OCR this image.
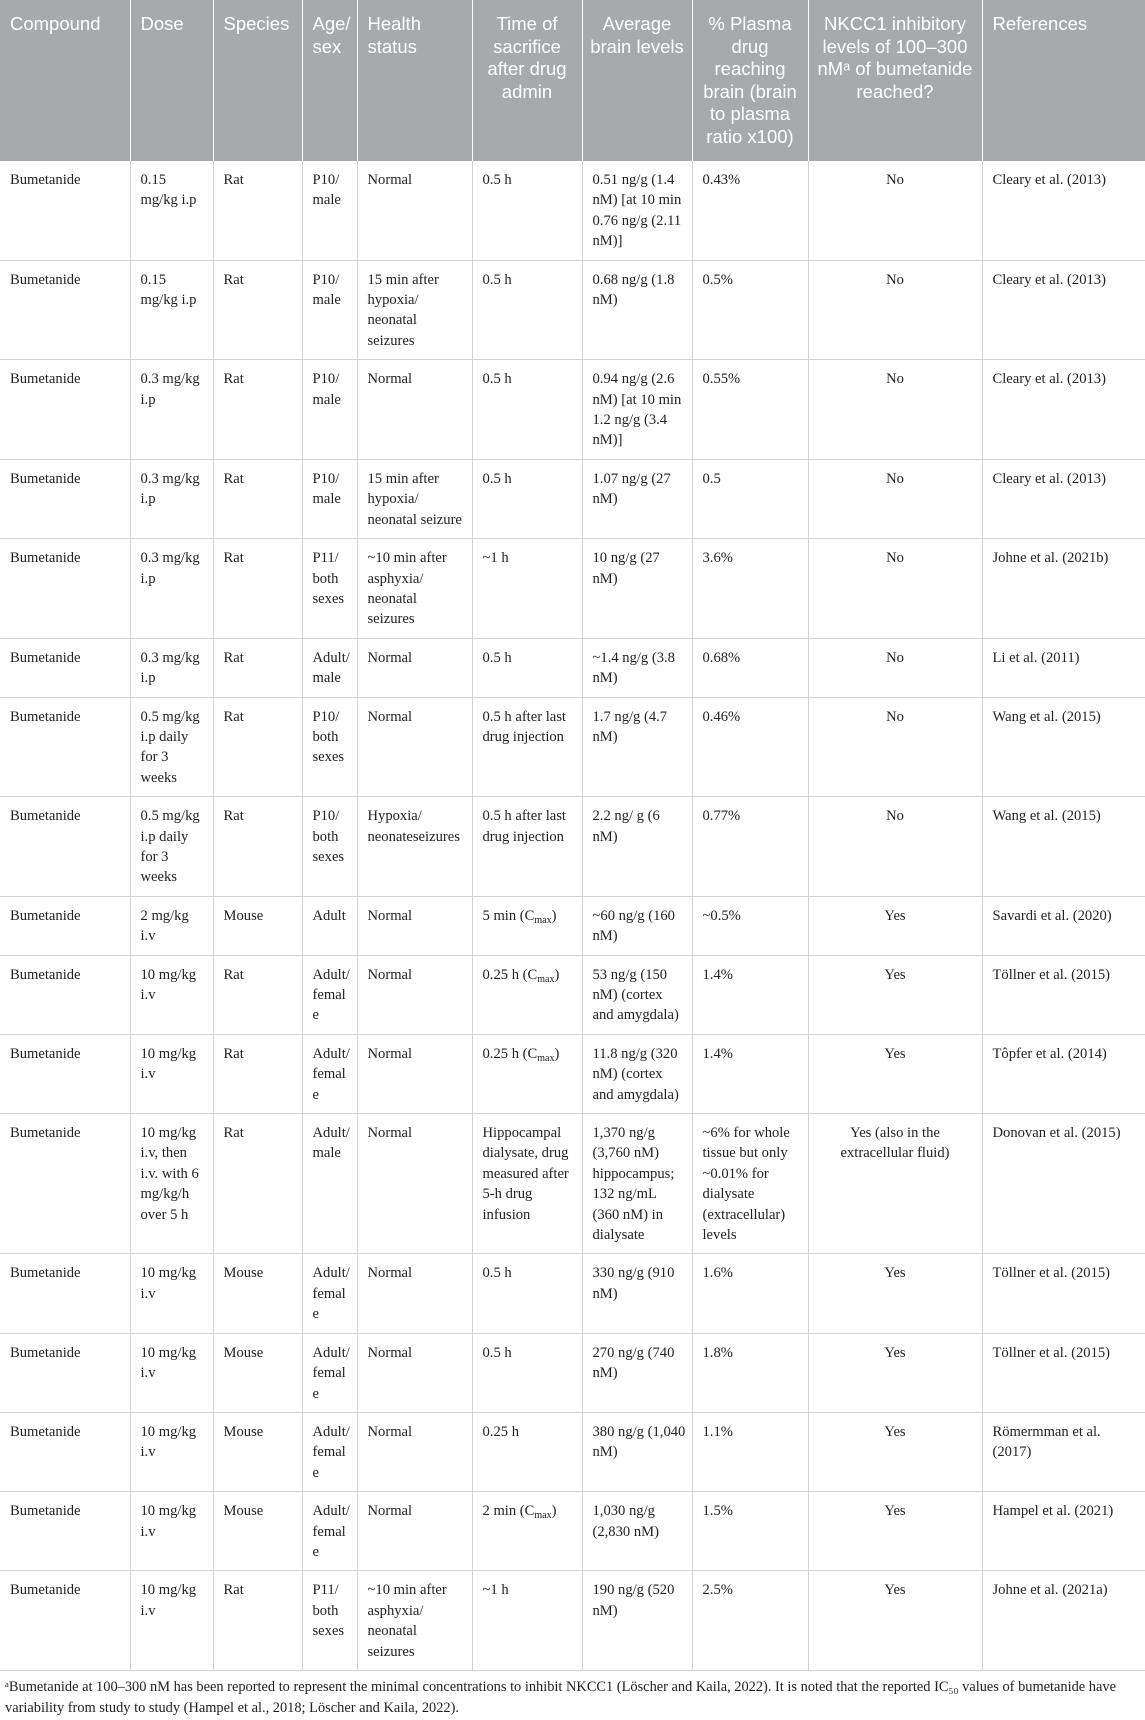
Compound	Dose	Species	Age/ sex	Health status	Time of sacrifice after drug admin	Average brain levels	% Plasma drug reaching brain (brain to plasma ratio x100)	NKCC1 inhibitory levels of 100–300 nMᵃ of bumetanide reached?	References
Bumetanide	0.15 mg/kg i.p	Rat	P10/ male	Normal	0.5 h	0.51 ng/g (1.4 nM) [at 10 min 0.76 ng/g (2.11 nM)]	0.43%	No	Cleary et al. (2013)
Bumetanide	0.15 mg/kg i.p	Rat	P10/ male	15 min after hypoxia/ neonatal seizures	0.5 h	0.68 ng/g (1.8 nM)	0.5%	No	Cleary et al. (2013)
Bumetanide	0.3 mg/kg i.p	Rat	P10/ male	Normal	0.5 h	0.94 ng/g (2.6 nM) [at 10 min 1.2 ng/g (3.4 nM)]	0.55%	No	Cleary et al. (2013)
Bumetanide	0.3 mg/kg i.p	Rat	P10/ male	15 min after hypoxia/ neonatal seizure	0.5 h	1.07 ng/g (27 nM)	0.5	No	Cleary et al. (2013)
Bumetanide	0.3 mg/kg i.p	Rat	P11/ both sexes	~10 min after asphyxia/ neonatal seizures	~1 h	10 ng/g (27 nM)	3.6%	No	Johne et al. (2021b)
Bumetanide	0.3 mg/kg i.p	Rat	Adult/ male	Normal	0.5 h	~1.4 ng/g (3.8 nM)	0.68%	No	Li et al. (2011)
Bumetanide	0.5 mg/kg i.p daily for 3 weeks	Rat	P10/ both sexes	Normal	0.5 h after last drug injection	1.7 ng/g (4.7 nM)	0.46%	No	Wang et al. (2015)
Bumetanide	0.5 mg/kg i.p daily for 3 weeks	Rat	P10/ both sexes	Hypoxia/ neonateseizures	0.5 h after last drug injection	2.2 ng/ g (6 nM)	0.77%	No	Wang et al. (2015)
Bumetanide	2 mg/kg i.v	Mouse	Adult	Normal	5 $\min (C_{max})$	~60 ng/g (160 nM)	~0.5%	Yes	Savardi et al. (2020)
Bumetanide	10 mg/kg i.v	Rat	Adult/ female	Normal	0.25 h $(C_{max})$	53 ng/g (150 nM) (cortex and amygdala)	1.4%	Yes	Töllner et al. (2015)
Bumetanide	10 mg/kg i.v	Rat	Adult/ female	Normal	0.25 h $(C_{max})$	11.8 ng/g (320 nM) (cortex and amygdala)	1.4%	Yes	Tôpfer et al. (2014)
Bumetanide	10 mg/kg i.v, then i.v. with 6 mg/kg/h over 5 h	Rat	Adult/ male	Normal	Hippocampal dialysate, drug measured after 5-h drug infusion	1,370 ng/g (3,760 nM) hippocampus; 132 ng/mL (360 nM) in dialysate	~6% for whole tissue but only ~0.01% for dialysate (extracellular) levels	Yes (also in the extracellular fluid)	Donovan et al. (2015)
Bumetanide	10 mg/kg i.v	Mouse	Adult/ female	Normal	0.5 h	330 ng/g (910 nM)	1.6%	Yes	Töllner et al. (2015)
Bumetanide	10 mg/kg i.v	Mouse	Adult/ female	Normal	0.5 h	270 ng/g (740 nM)	1.8%	Yes	Töllner et al. (2015)
Bumetanide	10 mg/kg i.v	Mouse	Adult/ female	Normal	0.25 h	380 ng/g (1,040 nM)	1.1%	Yes	Römermman et al. (2017)
Bumetanide	10 mg/kg i.v	Mouse	Adult/ female	Normal	2 $\min (C_{max})$	1,030 ng/g (2,830 nM)	1.5%	Yes	Hampel et al. (2021)
Bumetanide	10 mg/kg i.v	Rat	P11/ both sexes	~10 min after asphyxia/ neonatal seizures	~1 h	190 ng/g (520 nM)	2.5%	Yes	Johne et al. (2021a)
ᵃBumetanide at 100–300 nM has been reported to represent the minimal concentrations to inhibit NKCC1 (Löscher and Kaila, 2022). It is noted that the reported IC₅₀ values of bumetanide have variability from study to study (Hampel et al., 2018; Löscher and Kaila, 2022).
